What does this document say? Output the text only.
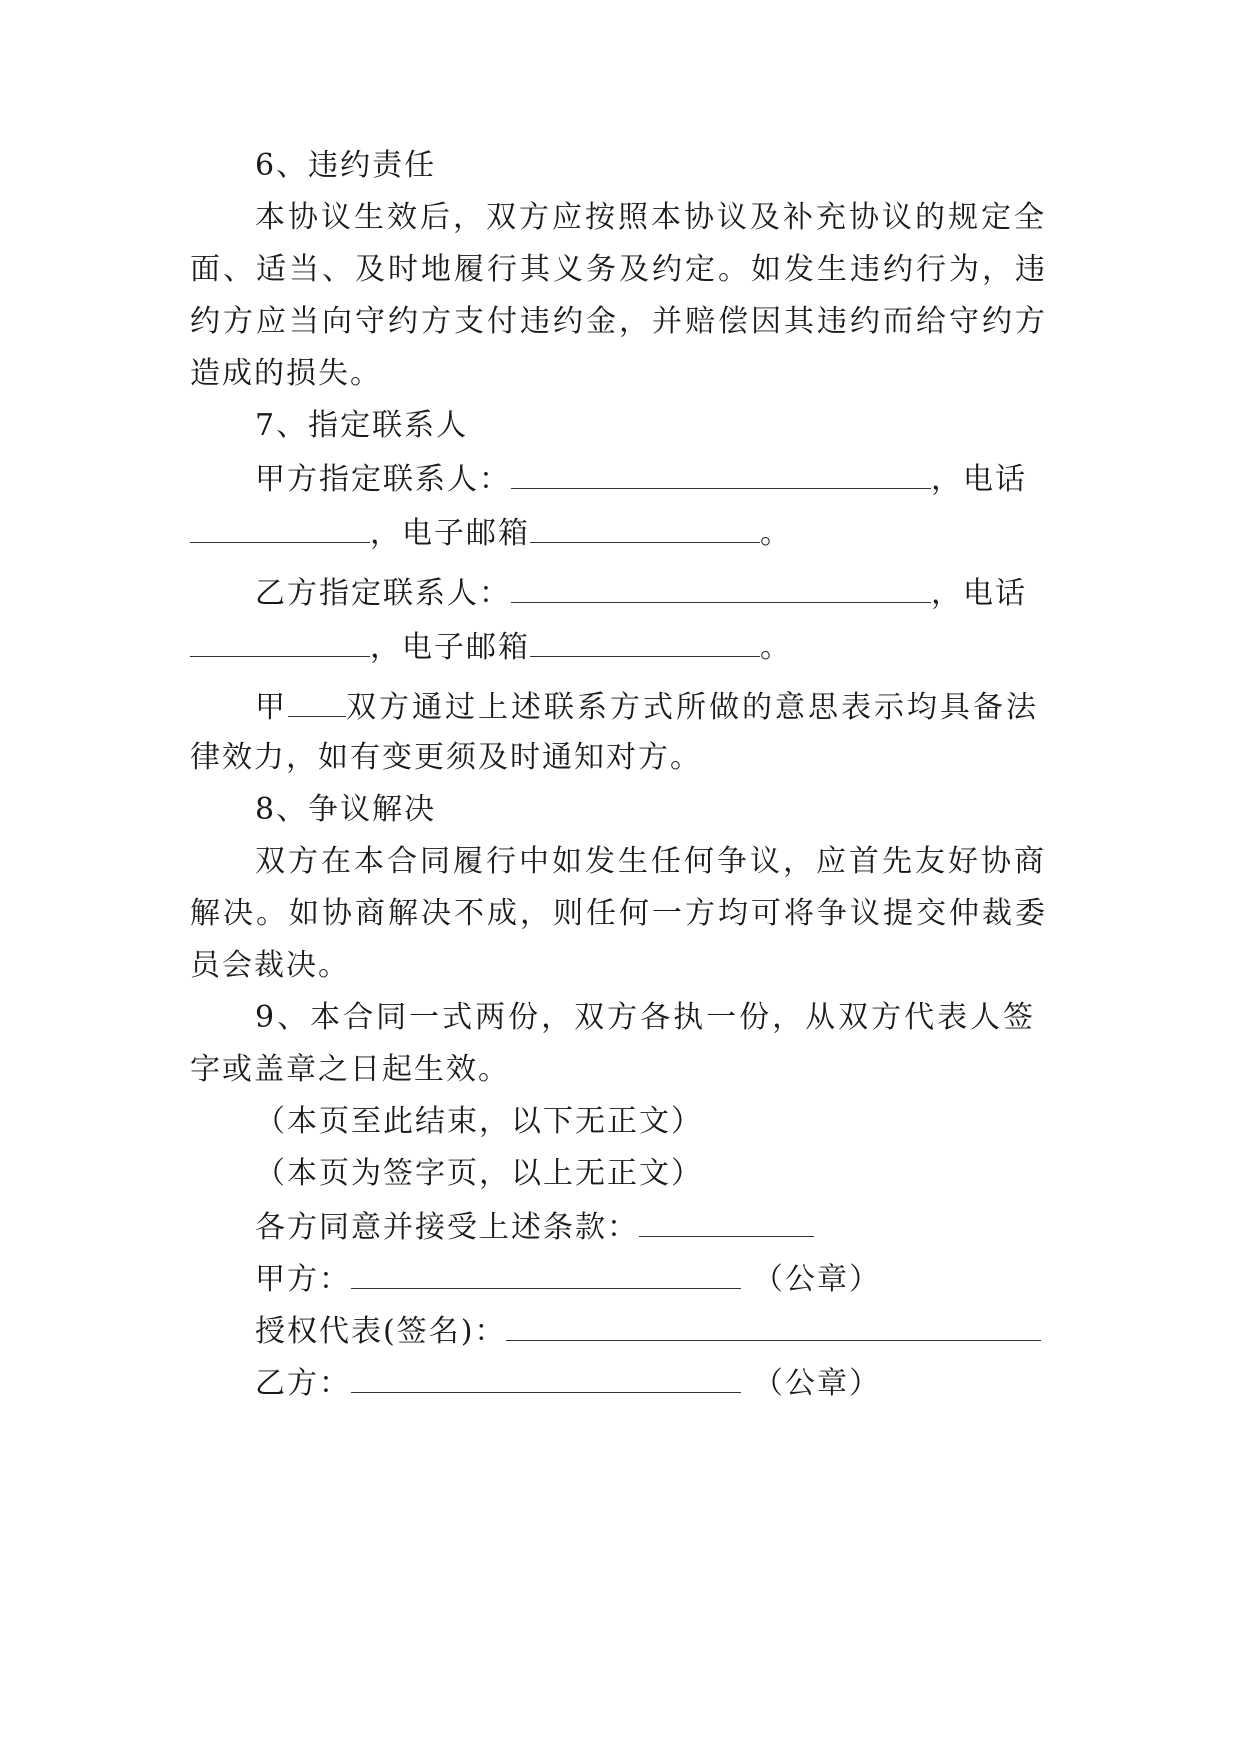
6、违约责任
本协议生效后，双方应按照本协议及补充协议的规定全
面、适当、及时地履行其义务及约定。如发生违约行为，违
约方应当向守约方支付违约金，并赔偿因其违约而给守约方
造成的损失。
7、指定联系人
甲方指定联系人：	，电话
，电子邮箱	。
乙方指定联系人：	，电话
，电子邮箱	。
甲 双方通过上述联系方式所做的意思表示均具备法
律效力，如有变更须及时通知对方。
8、争议解决
双方在本合同履行中如发生任何争议，应首先友好协商
解决。如协商解决不成，则任何一方均可将争议提交仲裁委
员会裁决。
9、本合同一式两份，双方各执一份，从双方代表人签
字或盖章之日起生效。
（本页至此结束，以下无正文）
（本页为签字页，以上无正文）
各方同意并接受上述条款：
甲方：	（公章）
授权代表(签名)：
乙方：	（公章）
